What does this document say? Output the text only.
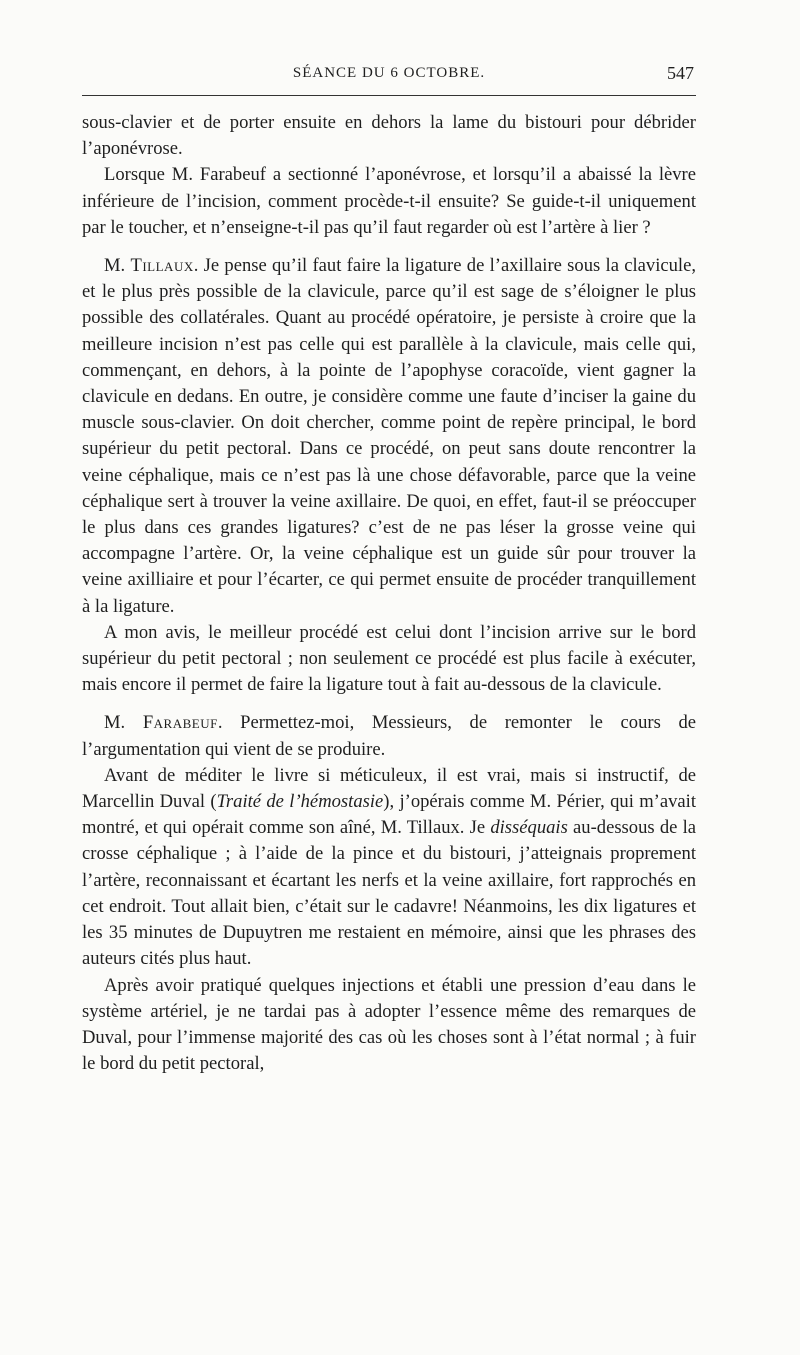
SÉANCE DU 6 OCTOBRE.	547

sous-clavier et de porter ensuite en dehors la lame du bistouri pour débrider l’aponévrose.

Lorsque M. Farabeuf a sectionné l’aponévrose, et lorsqu’il a abaissé la lèvre inférieure de l’incision, comment procède-t-il ensuite? Se guide-t-il uniquement par le toucher, et n’enseigne-t-il pas qu’il faut regarder où est l’artère à lier ?

M. Tillaux. Je pense qu’il faut faire la ligature de l’axillaire sous la clavicule, et le plus près possible de la clavicule, parce qu’il est sage de s’éloigner le plus possible des collatérales. Quant au procédé opératoire, je persiste à croire que la meilleure incision n’est pas celle qui est parallèle à la clavicule, mais celle qui, commençant, en dehors, à la pointe de l’apophyse coracoïde, vient gagner la clavicule en dedans. En outre, je considère comme une faute d’inciser la gaine du muscle sous-clavier. On doit chercher, comme point de repère principal, le bord supérieur du petit pectoral. Dans ce procédé, on peut sans doute rencontrer la veine céphalique, mais ce n’est pas là une chose défavorable, parce que la veine céphalique sert à trouver la veine axillaire. De quoi, en effet, faut-il se préoccuper le plus dans ces grandes ligatures? c’est de ne pas léser la grosse veine qui accompagne l’artère. Or, la veine céphalique est un guide sûr pour trouver la veine axilliaire et pour l’écarter, ce qui permet ensuite de procéder tranquillement à la ligature.

A mon avis, le meilleur procédé est celui dont l’incision arrive sur le bord supérieur du petit pectoral ; non seulement ce procédé est plus facile à exécuter, mais encore il permet de faire la ligature tout à fait au-dessous de la clavicule.

M. Farabeuf. Permettez-moi, Messieurs, de remonter le cours de l’argumentation qui vient de se produire.

Avant de méditer le livre si méticuleux, il est vrai, mais si instructif, de Marcellin Duval (Traité de l’hémostasie), j’opérais comme M. Périer, qui m’avait montré, et qui opérait comme son aîné, M. Tillaux. Je disséquais au-dessous de la crosse céphalique ; à l’aide de la pince et du bistouri, j’atteignais proprement l’artère, reconnaissant et écartant les nerfs et la veine axillaire, fort rapprochés en cet endroit. Tout allait bien, c’était sur le cadavre! Néanmoins, les dix ligatures et les 35 minutes de Dupuytren me restaient en mémoire, ainsi que les phrases des auteurs cités plus haut.

Après avoir pratiqué quelques injections et établi une pression d’eau dans le système artériel, je ne tardai pas à adopter l’essence même des remarques de Duval, pour l’immense majorité des cas où les choses sont à l’état normal ; à fuir le bord du petit pectoral,
